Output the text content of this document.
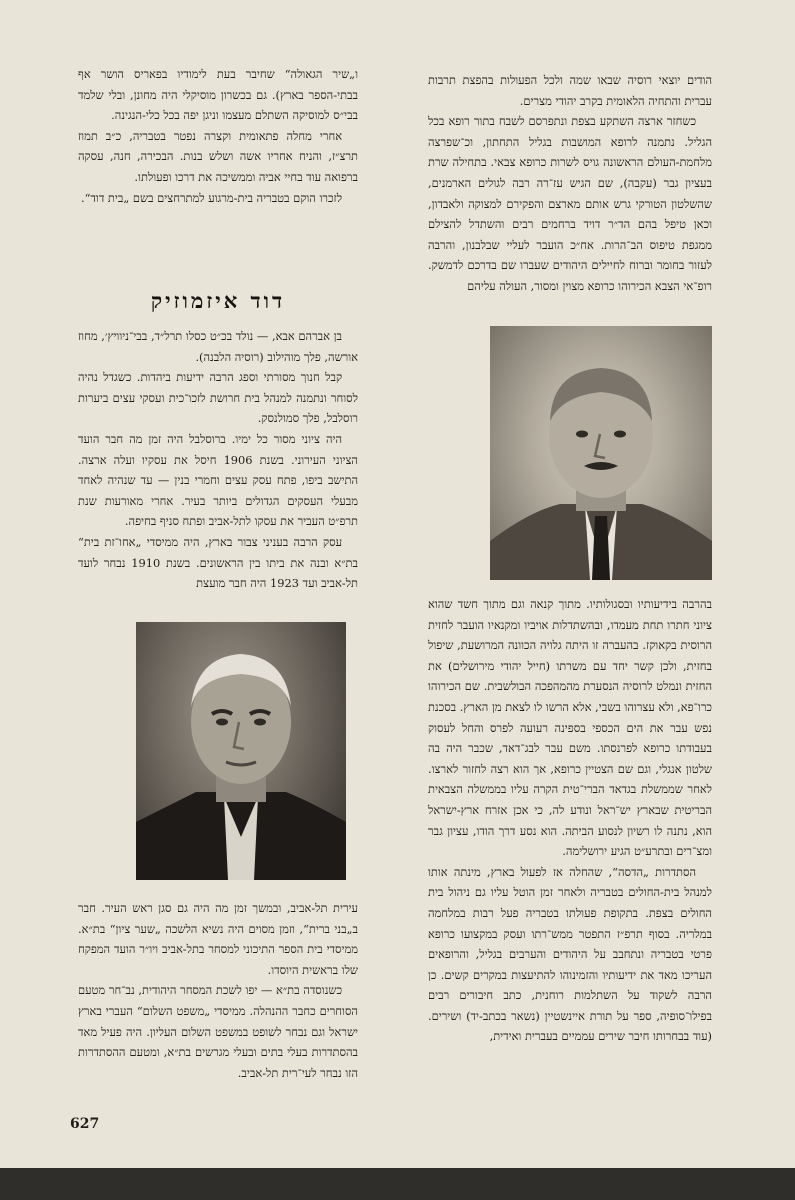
ו„שיר הגאולה“ שחיבר בעת לימודיו בפאריס הושר אף בבתי-הספר בארץ). גם בכשרון מוסיקלי היה מחונן, ובלי שלמד בבי״ס למוסיקה השתלם מעצמו וניגן יפה בכל כלי-הנגינה.

אחרי מחלה פתאומית וקצרה נפטר בטבריה, כ״ב תמוז תרצ״ז, והניח אחריו אשה ושלש בנות. הבכירה, חנה, עסקה ברפואה עוד בחיי אביה וממשיכה את דרכו ופעולתו.

לזכרו הוקם בטבריה בית-מרגוע למתרחצים בשם „בית דוד“.

דוד איזמוזיק

בן אברהם אבא, — נולד בכ״ט כסלו תרל״ד, בבי־ניוויץ׳, מחוז אורשה, פלך מוהילוב (רוסיה הלבנה).

קבל חנוך מסורתי וספג הרבה ידיעות ביהדות. כשגדל נהיה לסוחר ונתמנה למנהל בית חרושת לזכו־כית ועסקי עצים ביערות רוסלבל, פלך סמולנסק.

היה ציוני מסור כל ימיו. ברוסלבל היה זמן מה חבר הועד הציוני העירוני. בשנת 1906 חיסל את עסקיו ועלה ארצה. התישב ביפו, פתח עסק עצים וחמרי בנין — עד שנהיה לאחד מבעלי העסקים הגדולים ביותר בעיר. אחרי מאורעות שנת תרפ״ט העביר את עסקו לתל-אביב ופתח סניף בחיפה.

עסק הרבה בעניני צבור בארץ, היה ממיסדי „אחו־זת בית“ בת״א ובנה את ביתו בין הראשונים. בשנת 1910 נבחר לועד תל-אביב ועד 1923 היה חבר מועצת

עירית תל-אביב, ובמשך זמן מה היה גם סגן ראש העיר. חבר ב„בני ברית“, וזמן מסוים היה נשיא הלשכה „שער ציון“ בת״א. ממיסדי בית הספר התיכוני למסחר בתל-אביב ויו״ר הועד המפקח שלו בראשית היוסדו.

כשנוסדה בת״א — יפו לשכת המסחר היהודית, נב־חר מטעם הסוחרים כחבר ההנהלה. ממיסדי „משפט השלום“ העברי בארץ ישראל וגם נבחר לשופט במשפט השלום העליון. היה פעיל מאד בהסתדרות בעלי בתים ובעלי מגרשים בת״א, ומטעם ההסתדרות הזו נבחר לעי־רית תל-אביב.

הודים יוצאי רוסיה שבאו שמה ולכל הפעולות בהפצת תרבות עברית והתחיה הלאומית בקרב יהודי מצרים.

כשחזר ארצה השתקע בצפת ונתפרסם לשבח בתור רופא בכל הגליל. נתמנה לרופא המושבות בגליל התחתון, וכ־שפרצה מלחמת-העולם הראשונה גויס לשרות כרופא צבאי. בתחילה שרת בעציון גבר (עקבה), שם הגיש עז־רה רבה לגולים הארמנים, שהשלטון הטורקי גרש אותם מארצם והפקירם למצוקה ולאבדון, וכאן טיפל בהם הד״ר דויד ברחמים רבים והשתדל להצילם ממגפת טיפוס הב־הרות. אח״כ הועבר לעליי שבלבנון, והרבה לעזור בחומר וברוח לחיילים היהודים שעברו שם בדרכם לדמשק. רופ־אי הצבא הכירוהו כרופא מצוין ומסור, העולה עליהם

בהרבה בידיעותיו ובסגולותיו. מתוך קנאה וגם מתוך חשד שהוא ציוני חתרו תחת מעמדו, ובהשתדלות אויביו ומקנאיו הועבר לחזית הרוסית בקאוקז. בהעברה זו היתה גלויה הכוונה המרושעת, שיפול בחזית, ולכן קשר יחד עם משרתו (חייל יהודי מירושלים) את החזית ונמלט לרוסיה הנסערת מהמהפכה הבולשבית. שם הכירוהו כרו־פא, ולא עצרוהו בשבי, אלא הרשו לו לצאת מן הארץ. בסכנת נפש עבר את הים הכספי בספינה רעועה לפרס והחל לעסוק בעבודתו כרופא לפרנסתו. משם עבר לבג־דאד, שכבר היה בה שלטון אנגלי, וגם שם הצטיין כרופא, אך הוא רצה לחזור לארצו. לאחר שממשלת בגדאד הברי־טית הקרה עליו בממשלה הצבאית הבריטית שבארץ יש־ראל ונודע לה, כי אכן אזרח ארץ-ישראל הוא, נתנה לו רשיון לנסוע הביתה. הוא נסע דרך הודו, עציון גבר ומצ־רים ובתרע״ט הגיע ירושלימה.

הסתדרות „הדסה“, שהחלה אז לפעול בארץ, מינתה אותו למנהל בית-החולים בטבריה ולאחר זמן הוטל עליו גם ניהול בית החולים בצפת. בתקופת פעולתו בטבריה פעל רבות במלחמה במלריה. בסוף תרפ״ז התפטר ממש־רתו ועסק במקצועו כרופא פרטי בטבריה ונתחבב על היהודים והערבים בגליל, והרופאים העריכו מאד את ידיעותיו והזמינוהו להתיעצות במקרים קשים. כן הרבה לשקוד על השתלמות רוחנית, כתב חיבורים רבים בפילו־סופיה, ספר על תורת איינשטיין (נשאר בכתב-יד) ושירים. (עוד בבחרותו חיבר שירים עממיים בעברית ואידית,

627
